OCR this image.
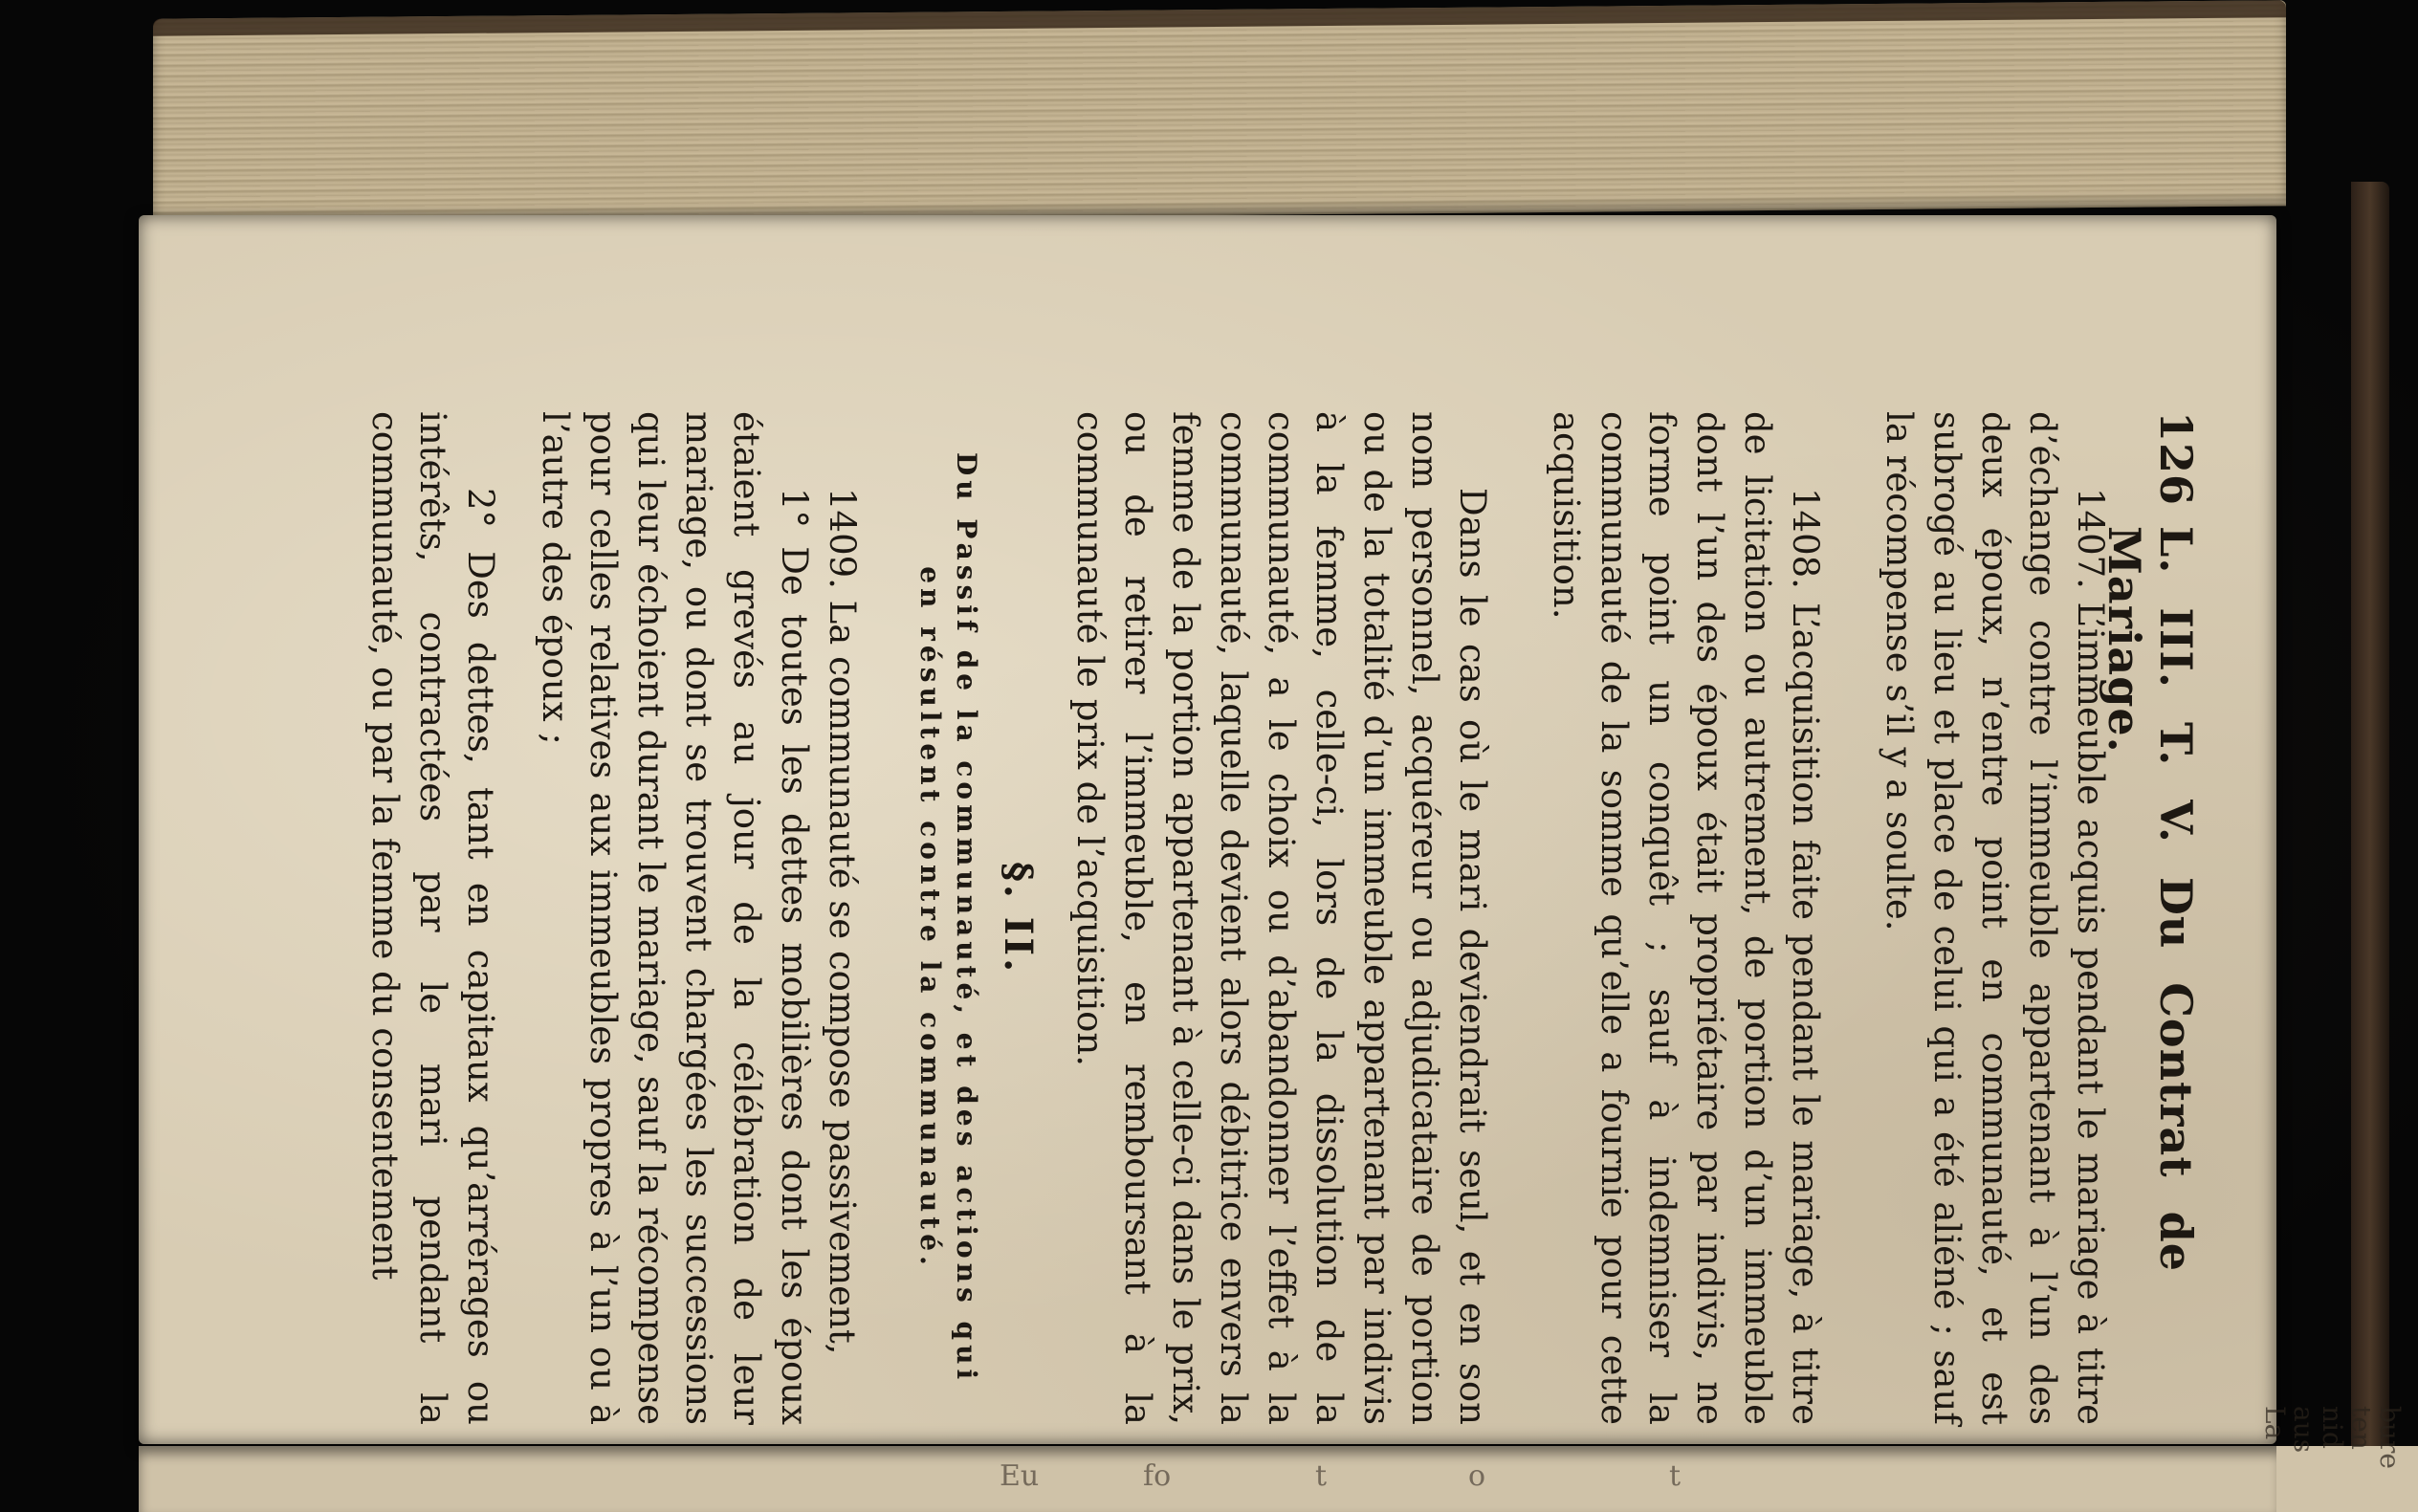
126
L. III. T. V. Du Contrat de Mariage.

1407. L’immeuble acquis pendant le mariage à titre d’échange contre l’immeuble appartenant à l’un des deux époux, n’entre point en communauté, et est subrogé au lieu et place de celui qui a été aliéné ; sauf la récompense s’il y a soulte.

1408. L’acquisition faite pendant le mariage, à titre de licitation ou autrement, de portion d’un immeuble dont l’un des époux était propriétaire par indivis, ne forme point un conquêt ; sauf à indemniser la communauté de la somme qu’elle a fournie pour cette acquisition.

Dans le cas où le mari deviendrait seul, et en son nom personnel, acquéreur ou adjudicataire de portion ou de la totalité d’un immeuble appartenant par indivis à la femme, celle-ci, lors de la dissolution de la communauté, a le choix ou d’abandonner l’effet à la communauté, laquelle devient alors débitrice envers la femme de la portion appartenant à celle-ci dans le prix, ou de retirer l’immeuble, en remboursant à la communauté le prix de l’acquisition.

§. II.

Du Passif de la communauté, et des actions qui en résultent contre la communauté.

1409. La communauté se compose passivement,

1° De toutes les dettes mobilières dont les époux étaient grevés au jour de la célébration de leur mariage, ou dont se trouvent chargées les successions qui leur échoient durant le mariage, sauf la récompense pour celles relatives aux immeubles propres à l’un ou à l’autre des époux ;

2° Des dettes, tant en capitaux qu’arrérages ou intérêts, contractées par le mari pendant la communauté, ou par la femme du consentement

Eu	fo	t	o	t
bure
ten
nid
aus
La
